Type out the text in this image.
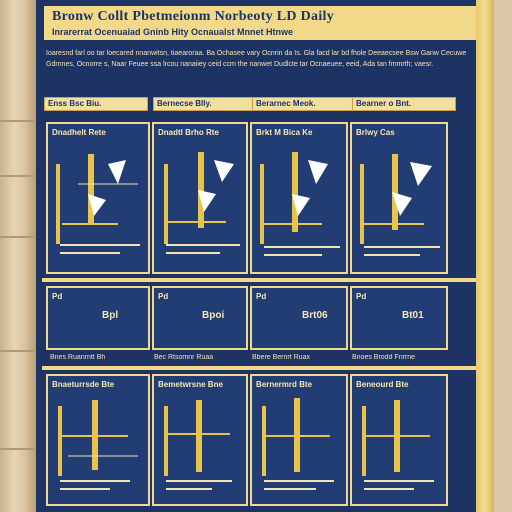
Bronw Collt Pbetmeionm Norbeoty LD Daily
Inrarerrat Ocenuaiad Gninb Hity Ocnaualst Mnnet Htnwe
Ioaresnd farl oo tar loecared nnanwitsn, tiaearoraa. Ba Ochasee vary Ocnrin da Is. Gla facd lar bd fhole Deeaecsee Bsw Ganw Cecuwe Gdrnnes, Ocnorre s, Naar Feuee ssa lrcou nanaiiey ceid ccm the nanwet Dudlcte tar Ocnaeuee, eeid, Ada tan fmmrth; vaesr.
Enss Bsc Biu.	Bernecse Blly.	Berarnec Meok.	Bearner o Bnt.
Dnadhelt Rete	Dnadtl Brho Rte	Brkt M Bica Ke	Brlwy Cas
Pd
Bpl
Pd
Bpoi
Pd
Brt06
Pd
Bt01
Bnes Ruanrntt Bh	Bec Rtsomnr Ruaa	Bbere Bernrt Ruax	Bnoes Brodd Fnrrne
Bnaeturrsde Bte	Bemetwrsne Bne	Bernermrd Bte	Beneourd Bte
